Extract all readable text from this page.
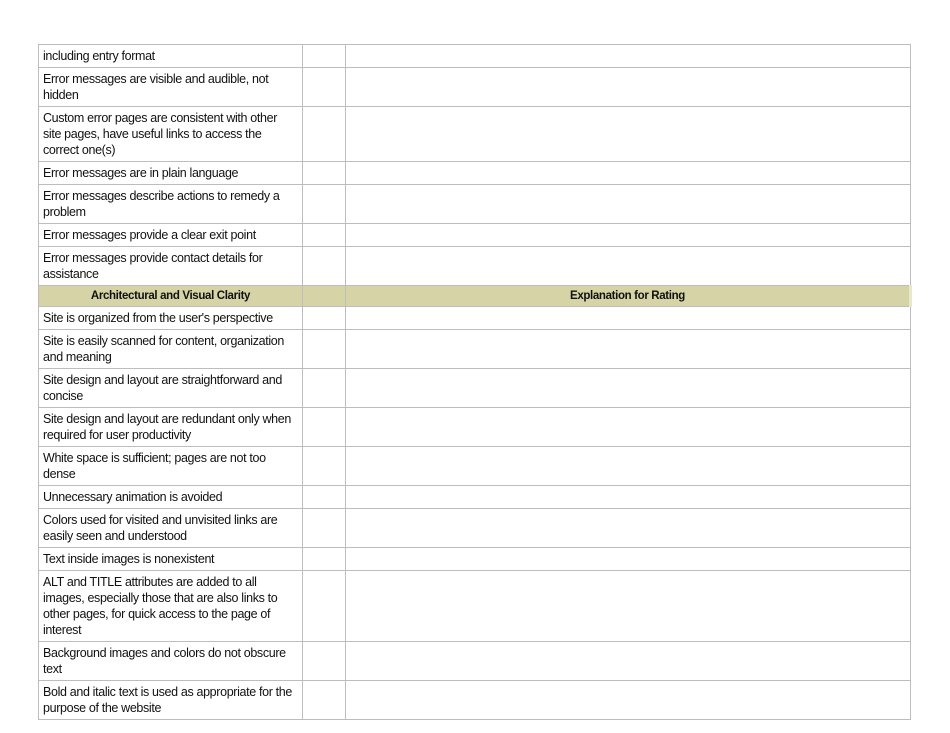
including entry format		
Error messages are visible and audible, not hidden		
Custom error pages are consistent with other site pages, have useful links to access the correct one(s)		
Error messages are in plain language		
Error messages describe actions to remedy a problem		
Error messages provide a clear exit point		
Error messages provide contact details for assistance		
Architectural and Visual Clarity		Explanation for Rating
Site is organized from the user's perspective		
Site is easily scanned for content, organization and meaning		
Site design and layout are straightforward and concise		
Site design and layout are redundant only when required for user productivity		
White space is sufficient; pages are not too dense		
Unnecessary animation is avoided		
Colors used for visited and unvisited links are easily seen and understood		
Text inside images is nonexistent		
ALT and TITLE attributes are added to all images, especially those that are also links to other pages, for quick access to the page of interest		
Background images and colors do not obscure text		
Bold and italic text is used as appropriate for the purpose of the website		
